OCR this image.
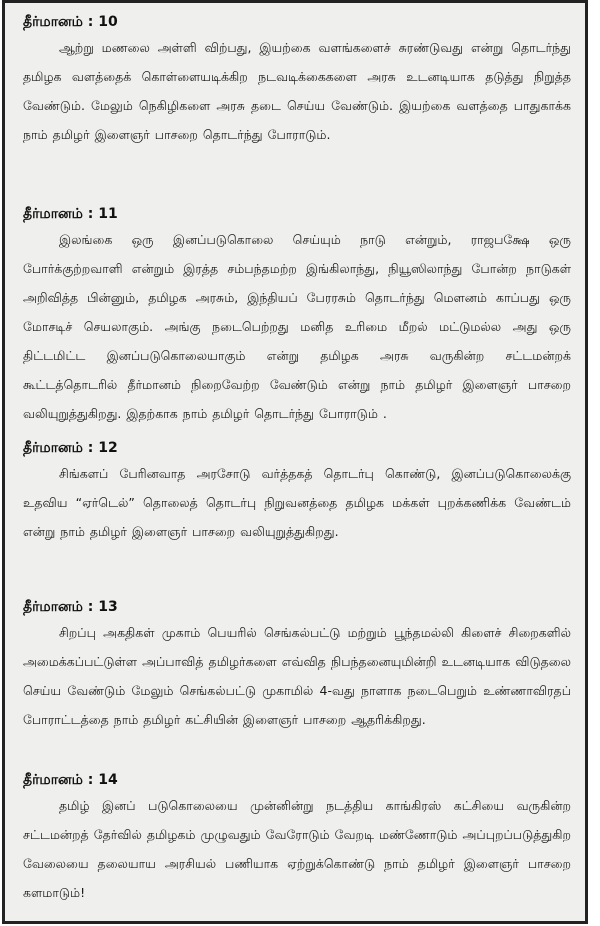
தீர்மானம் : 10

ஆற்று மணலை அள்ளி விற்பது, இயற்கை வளங்களைச் சுரண்டுவது என்று தொடர்ந்து தமிழக வளத்தைக் கொள்ளையடிக்கிற நடவடிக்கைகளை அரசு உடனடியாக தடுத்து நிறுத்த வேண்டும். மேலும் நெகிழிகளை அரசு தடை செய்ய வேண்டும். இயற்கை வளத்தை பாதுகாக்க நாம் தமிழர் இளைஞர் பாசறை தொடர்ந்து போராடும்.

தீர்மானம் : 11

இலங்கை ஒரு இனப்படுகொலை செய்யும் நாடு என்றும், ராஜபக்ஷே ஒரு போர்க்குற்றவாளி என்றும் இரத்த சம்பந்தமற்ற இங்கிலாந்து, நியூஸிலாந்து போன்ற நாடுகள் அறிவித்த பின்னும், தமிழக அரசும், இந்தியப் பேரரசும் தொடர்ந்து மௌனம் காப்பது ஒரு மோசடிச் செயலாகும். அங்கு நடைபெற்றது மனித உரிமை மீறல் மட்டுமல்ல அது ஒரு திட்டமிட்ட இனப்படுகொலையாகும் என்று தமிழக அரசு வருகின்ற சட்டமன்றக் கூட்டத்தொடரில் தீர்மானம் நிறைவேற்ற வேண்டும் என்று நாம் தமிழர் இளைஞர் பாசறை வலியுறுத்துகிறது. இதற்காக நாம் தமிழர் தொடர்ந்து போராடும் .

தீர்மானம் : 12

சிங்களப் பேரினவாத அரசோடு வர்த்தகத் தொடர்பு கொண்டு, இனப்படுகொலைக்கு உதவிய “ஏர்டெல்” தொலைத் தொடர்பு நிறுவனத்தை தமிழக மக்கள் புறக்கணிக்க வேண்டம் என்று நாம் தமிழர் இளைஞர் பாசறை வலியுறுத்துகிறது.

தீர்மானம் : 13

சிறப்பு அகதிகள் முகாம் பெயரில் செங்கல்பட்டு மற்றும் பூந்தமல்லி கிளைச் சிறைகளில் அமைக்கப்பட்டுள்ள அப்பாவித் தமிழர்களை எவ்வித நிபந்தனையுமின்றி உடனடியாக விடுதலை செய்ய வேண்டும் மேலும் செங்கல்பட்டு முகாமில் 4-வது நாளாக நடைபெறும் உண்ணாவிரதப் போராட்டத்தை நாம் தமிழர் கட்சியின் இளைஞர் பாசறை ஆதரிக்கிறது.

தீர்மானம் : 14

தமிழ் இனப் படுகொலையை முன்னின்று நடத்திய காங்கிரஸ் கட்சியை வருகின்ற சட்டமன்றத் தேர்வில் தமிழகம் முழுவதும் வேரோடும் வேறடி மண்ணோடும் அப்புறப்படுத்துகிற வேலையை தலையாய அரசியல் பணியாக ஏற்றுக்கொண்டு நாம் தமிழர் இளைஞர் பாசறை களமாடும்!
